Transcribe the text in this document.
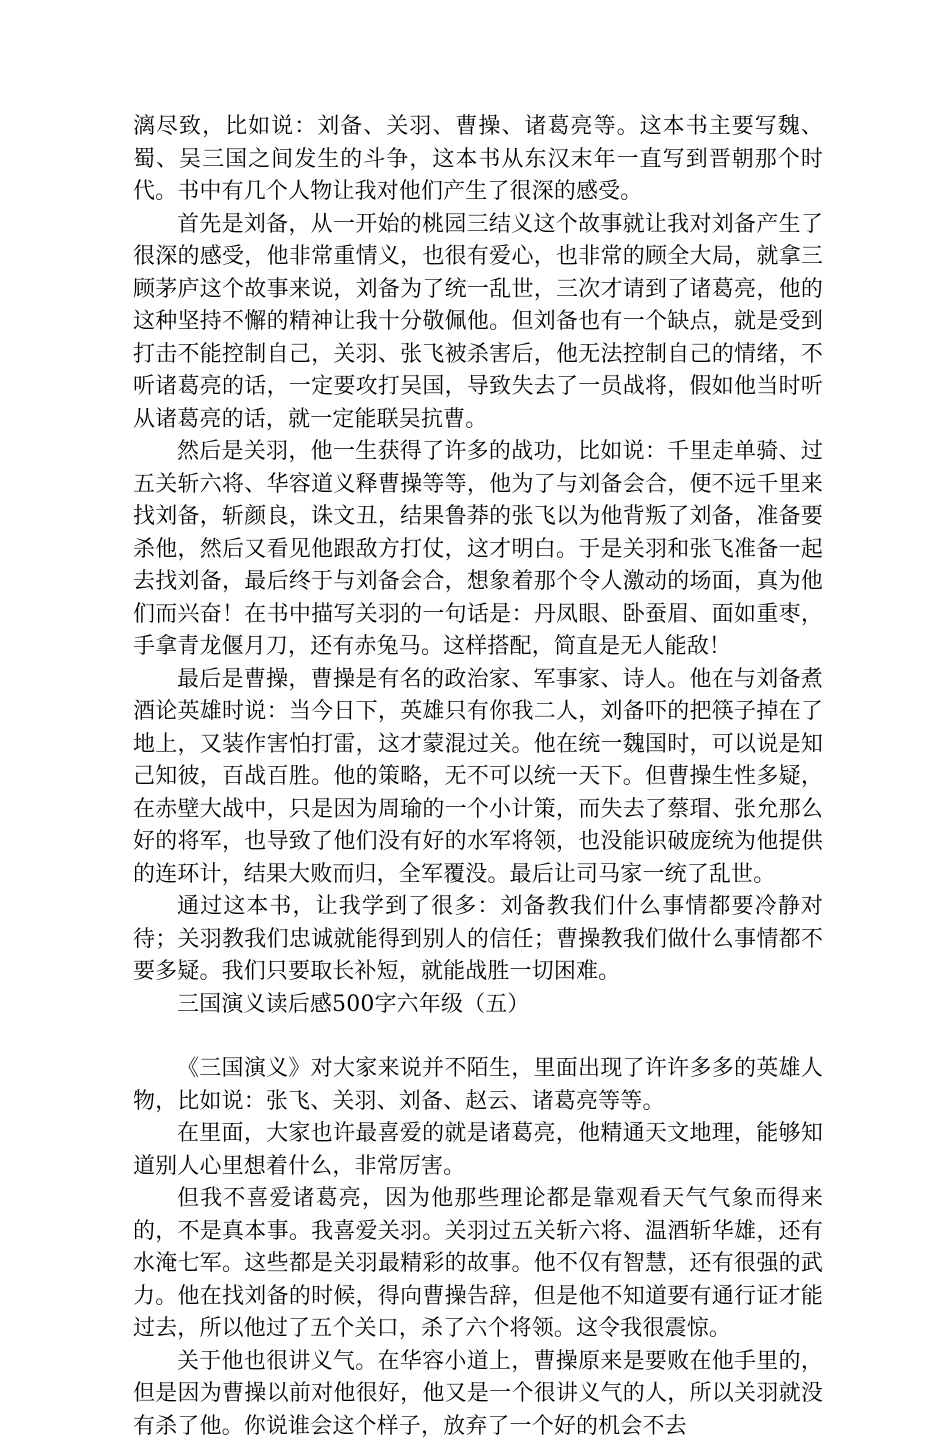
漓尽致，比如说：刘备、关羽、曹操、诸葛亮等。这本书主要写魏、蜀、吴三国之间发生的斗争，这本书从东汉末年一直写到晋朝那个时代。书中有几个人物让我对他们产生了很深的感受。

首先是刘备，从一开始的桃园三结义这个故事就让我对刘备产生了很深的感受，他非常重情义，也很有爱心，也非常的顾全大局，就拿三顾茅庐这个故事来说，刘备为了统一乱世，三次才请到了诸葛亮，他的这种坚持不懈的精神让我十分敬佩他。但刘备也有一个缺点，就是受到打击不能控制自己，关羽、张飞被杀害后，他无法控制自己的情绪，不听诸葛亮的话，一定要攻打吴国，导致失去了一员战将，假如他当时听从诸葛亮的话，就一定能联吴抗曹。

然后是关羽，他一生获得了许多的战功，比如说：千里走单骑、过五关斩六将、华容道义释曹操等等，他为了与刘备会合，便不远千里来找刘备，斩颜良，诛文丑，结果鲁莽的张飞以为他背叛了刘备，准备要杀他，然后又看见他跟敌方打仗，这才明白。于是关羽和张飞准备一起去找刘备，最后终于与刘备会合，想象着那个令人激动的场面，真为他们而兴奋！在书中描写关羽的一句话是：丹凤眼、卧蚕眉、面如重枣，手拿青龙偃月刀，还有赤兔马。这样搭配，简直是无人能敌！

最后是曹操，曹操是有名的政治家、军事家、诗人。他在与刘备煮酒论英雄时说：当今日下，英雄只有你我二人，刘备吓的把筷子掉在了地上，又装作害怕打雷，这才蒙混过关。他在统一魏国时，可以说是知己知彼，百战百胜。他的策略，无不可以统一天下。但曹操生性多疑，在赤壁大战中，只是因为周瑜的一个小计策，而失去了蔡瑁、张允那么好的将军，也导致了他们没有好的水军将领，也没能识破庞统为他提供的连环计，结果大败而归，全军覆没。最后让司马家一统了乱世。

通过这本书，让我学到了很多：刘备教我们什么事情都要冷静对待；关羽教我们忠诚就能得到别人的信任；曹操教我们做什么事情都不要多疑。我们只要取长补短，就能战胜一切困难。

三国演义读后感500字六年级（五）

《三国演义》对大家来说并不陌生，里面出现了许许多多的英雄人物，比如说：张飞、关羽、刘备、赵云、诸葛亮等等。

在里面，大家也许最喜爱的就是诸葛亮，他精通天文地理，能够知道别人心里想着什么，非常厉害。

但我不喜爱诸葛亮，因为他那些理论都是靠观看天气气象而得来的，不是真本事。我喜爱关羽。关羽过五关斩六将、温酒斩华雄，还有水淹七军。这些都是关羽最精彩的故事。他不仅有智慧，还有很强的武力。他在找刘备的时候，得向曹操告辞，但是他不知道要有通行证才能过去，所以他过了五个关口，杀了六个将领。这令我很震惊。

关于他也很讲义气。在华容小道上，曹操原来是要败在他手里的，但是因为曹操以前对他很好，他又是一个很讲义气的人，所以关羽就没有杀了他。你说谁会这个样子，放弃了一个好的机会不去
